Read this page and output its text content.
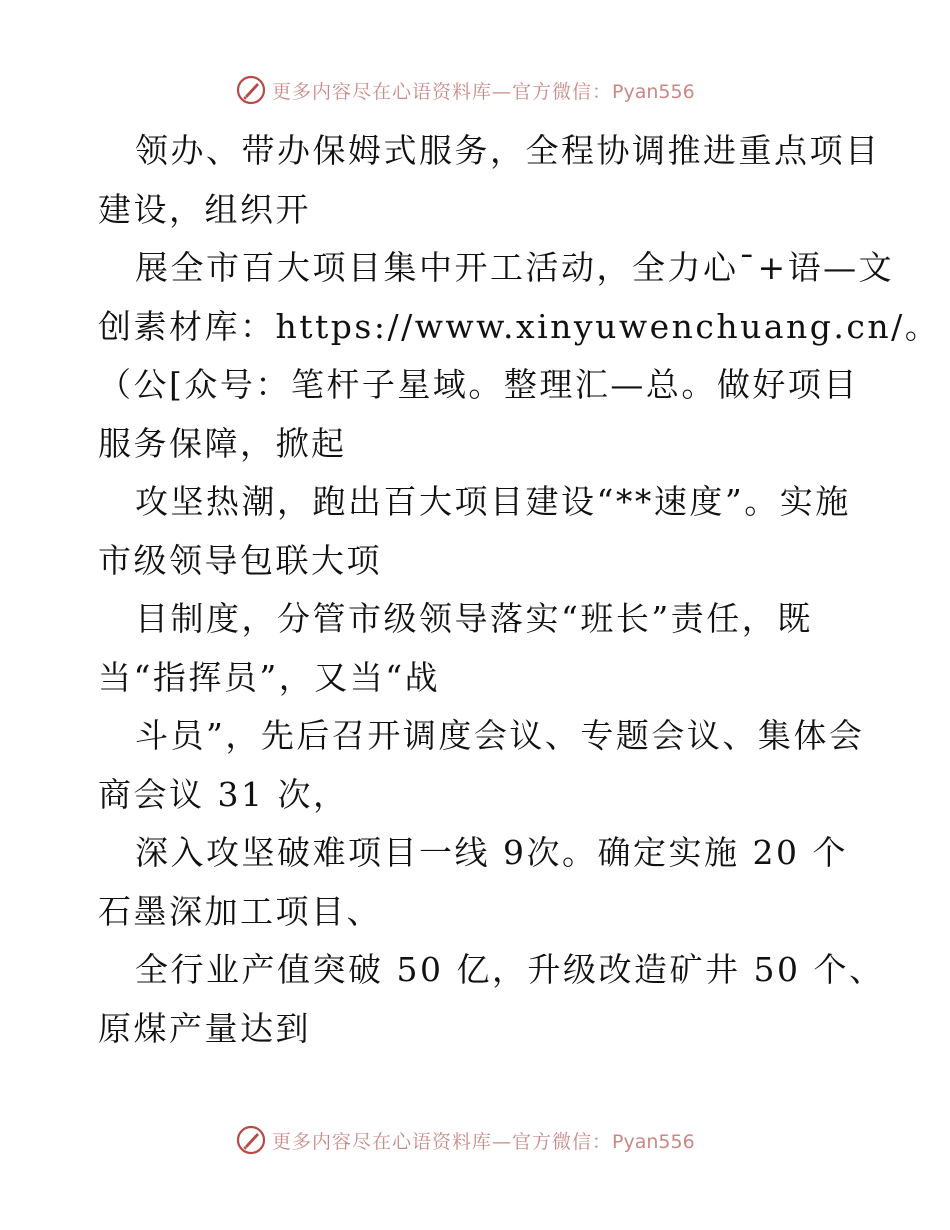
更多内容尽在心语资料库—官方微信：Pyan556
领办、带办保姆式服务，全程协调推进重点项目
建设，组织开
展全市百大项目集中开工活动，全力心¯+语—文
创素材库：https://www.xinyuwenchuang.cn/。
（公[众号：笔杆子星域。整理汇—总。做好项目
服务保障，掀起
攻坚热潮，跑出百大项目建设“**速度”。实施
市级领导包联大项
目制度，分管市级领导落实“班长”责任，既
当“指挥员”，又当“战
斗员”，先后召开调度会议、专题会议、集体会
商会议 31 次，
深入攻坚破难项目一线 9次。确定实施 20 个
石墨深加工项目、
全行业产值突破 50 亿，升级改造矿井 50 个、
原煤产量达到
更多内容尽在心语资料库—官方微信：Pyan556
